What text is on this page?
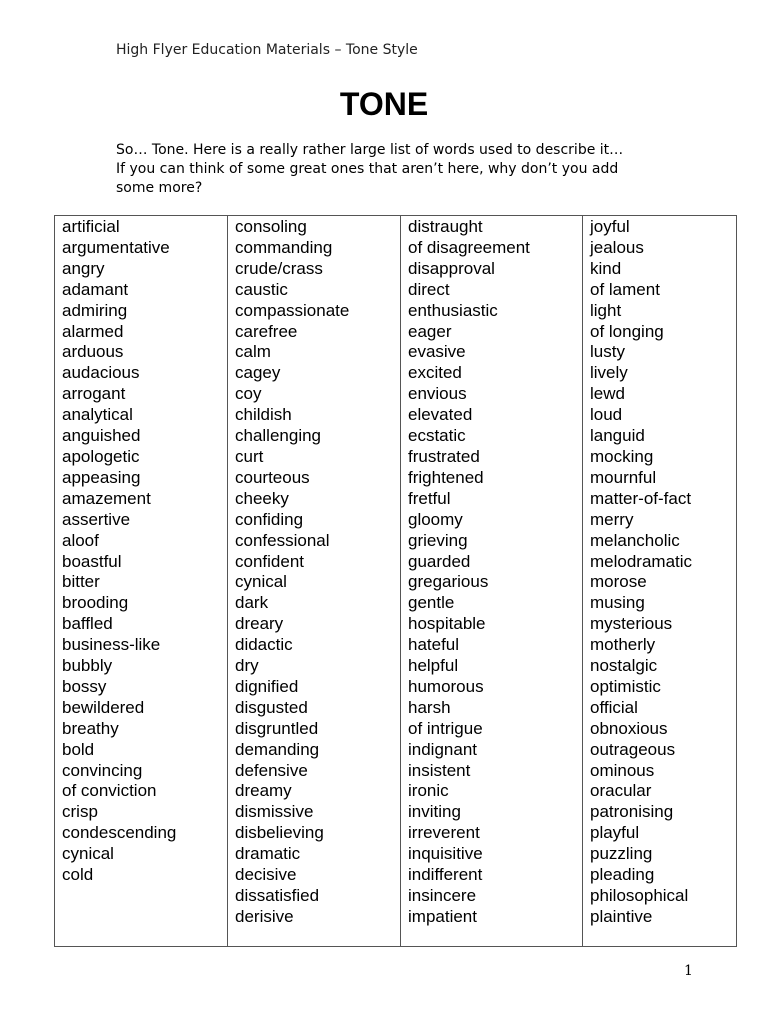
High Flyer Education Materials – Tone Style
TONE
So… Tone. Here is a really rather large list of words used to describe it…
If you can think of some great ones that aren’t here, why don’t you add
some more?
artificial
argumentative
angry
adamant
admiring
alarmed
arduous
audacious
arrogant
analytical
anguished
apologetic
appeasing
amazement
assertive
aloof
boastful
bitter
brooding
baffled
business-like
bubbly
bossy
bewildered
breathy
bold
convincing
of conviction
crisp
condescending
cynical
cold

consoling
commanding
crude/crass
caustic
compassionate
carefree
calm
cagey
coy
childish
challenging
curt
courteous
cheeky
confiding
confessional
confident
cynical
dark
dreary
didactic
dry
dignified
disgusted
disgruntled
demanding
defensive
dreamy
dismissive
disbelieving
dramatic
decisive
dissatisfied
derisive

distraught
of disagreement
disapproval
direct
enthusiastic
eager
evasive
excited
envious
elevated
ecstatic
frustrated
frightened
fretful
gloomy
grieving
guarded
gregarious
gentle
hospitable
hateful
helpful
humorous
harsh
of intrigue
indignant
insistent
ironic
inviting
irreverent
inquisitive
indifferent
insincere
impatient

joyful
jealous
kind
of lament
light
of longing
lusty
lively
lewd
loud
languid
mocking
mournful
matter-of-fact
merry
melancholic
melodramatic
morose
musing
mysterious
motherly
nostalgic
optimistic
official
obnoxious
outrageous
ominous
oracular
patronising
playful
puzzling
pleading
philosophical
plaintive
1
